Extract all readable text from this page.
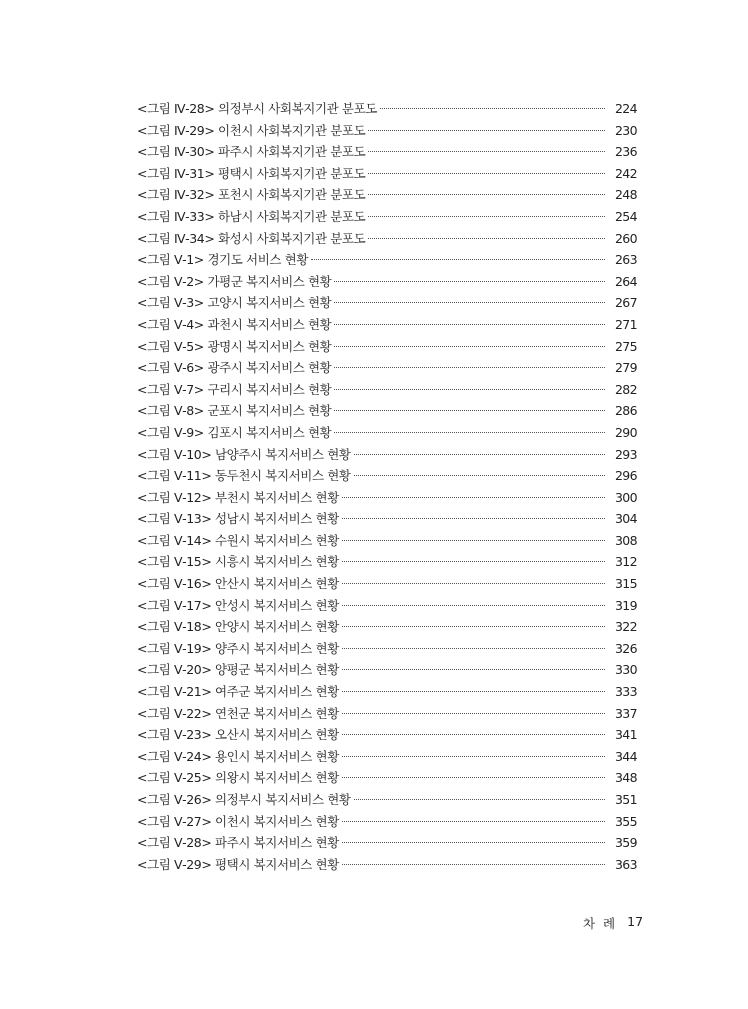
<그림 Ⅳ-28> 의정부시 사회복지기관 분포도	224
<그림 Ⅳ-29> 이천시 사회복지기관 분포도	230
<그림 Ⅳ-30> 파주시 사회복지기관 분포도	236
<그림 Ⅳ-31> 평택시 사회복지기관 분포도	242
<그림 Ⅳ-32> 포천시 사회복지기관 분포도	248
<그림 Ⅳ-33> 하남시 사회복지기관 분포도	254
<그림 Ⅳ-34> 화성시 사회복지기관 분포도	260
<그림 Ⅴ-1> 경기도 서비스 현황	263
<그림 Ⅴ-2> 가평군 복지서비스 현황	264
<그림 Ⅴ-3> 고양시 복지서비스 현황	267
<그림 Ⅴ-4> 과천시 복지서비스 현황	271
<그림 Ⅴ-5> 광명시 복지서비스 현황	275
<그림 Ⅴ-6> 광주시 복지서비스 현황	279
<그림 Ⅴ-7> 구리시 복지서비스 현황	282
<그림 Ⅴ-8> 군포시 복지서비스 현황	286
<그림 Ⅴ-9> 김포시 복지서비스 현황	290
<그림 Ⅴ-10> 남양주시 복지서비스 현황	293
<그림 Ⅴ-11> 동두천시 복지서비스 현황	296
<그림 Ⅴ-12> 부천시 복지서비스 현황	300
<그림 Ⅴ-13> 성남시 복지서비스 현황	304
<그림 Ⅴ-14> 수원시 복지서비스 현황	308
<그림 Ⅴ-15> 시흥시 복지서비스 현황	312
<그림 Ⅴ-16> 안산시 복지서비스 현황	315
<그림 Ⅴ-17> 안성시 복지서비스 현황	319
<그림 Ⅴ-18> 안양시 복지서비스 현황	322
<그림 Ⅴ-19> 양주시 복지서비스 현황	326
<그림 Ⅴ-20> 양평군 복지서비스 현황	330
<그림 Ⅴ-21> 여주군 복지서비스 현황	333
<그림 Ⅴ-22> 연천군 복지서비스 현황	337
<그림 Ⅴ-23> 오산시 복지서비스 현황	341
<그림 Ⅴ-24> 용인시 복지서비스 현황	344
<그림 Ⅴ-25> 의왕시 복지서비스 현황	348
<그림 Ⅴ-26> 의정부시 복지서비스 현황	351
<그림 Ⅴ-27> 이천시 복지서비스 현황	355
<그림 Ⅴ-28> 파주시 복지서비스 현황	359
<그림 Ⅴ-29> 평택시 복지서비스 현황	363
차 례 17
